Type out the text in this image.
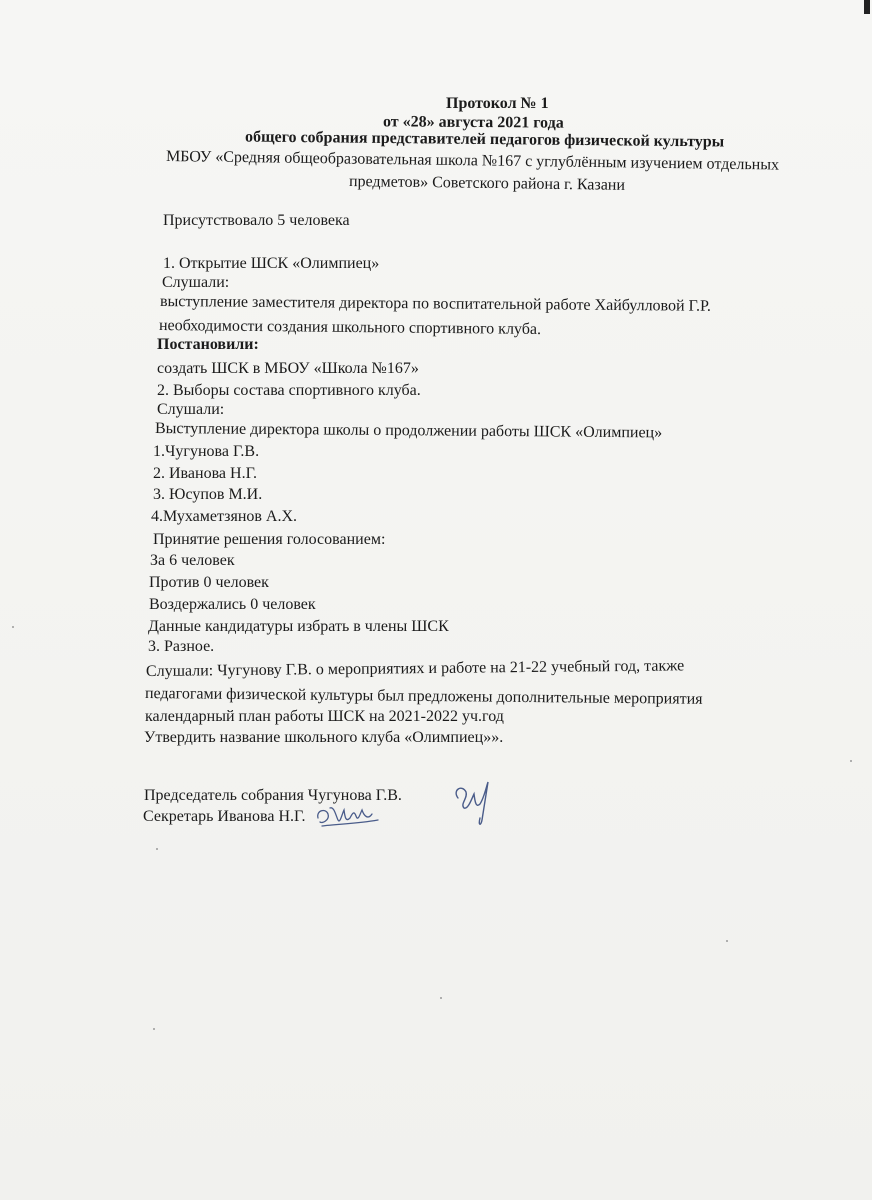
Протокол № 1
от «28» августа 2021 года
общего собрания представителей педагогов физической культуры
МБОУ «Средняя общеобразовательная школа №167 с углублённым изучением отдельных
предметов» Советского района г. Казани
Присутствовало 5 человека
1. Открытие ШСК «Олимпиец»
Слушали:
выступление заместителя директора по воспитательной работе Хайбулловой Г.Р.
необходимости создания школьного спортивного клуба.
Постановили:
создать ШСК в МБОУ «Школа №167»
2. Выборы состава спортивного клуба.
Слушали:
Выступление директора школы о продолжении работы ШСК «Олимпиец»
1.Чугунова Г.В.
2. Иванова Н.Г.
3. Юсупов М.И.
4.Мухаметзянов А.Х.
Принятие решения голосованием:
За 6 человек
Против 0 человек
Воздержались 0 человек
Данные кандидатуры избрать в члены ШСК
3. Разное.
Слушали: Чугунову Г.В. о мероприятиях и работе на 21-22 учебный год, также
педагогами физической культуры был предложены дополнительные мероприятия
календарный план работы ШСК на 2021-2022 уч.год
Утвердить название школьного клуба «Олимпиец»».
Председатель собрания Чугунова Г.В.
Секретарь Иванова Н.Г.
